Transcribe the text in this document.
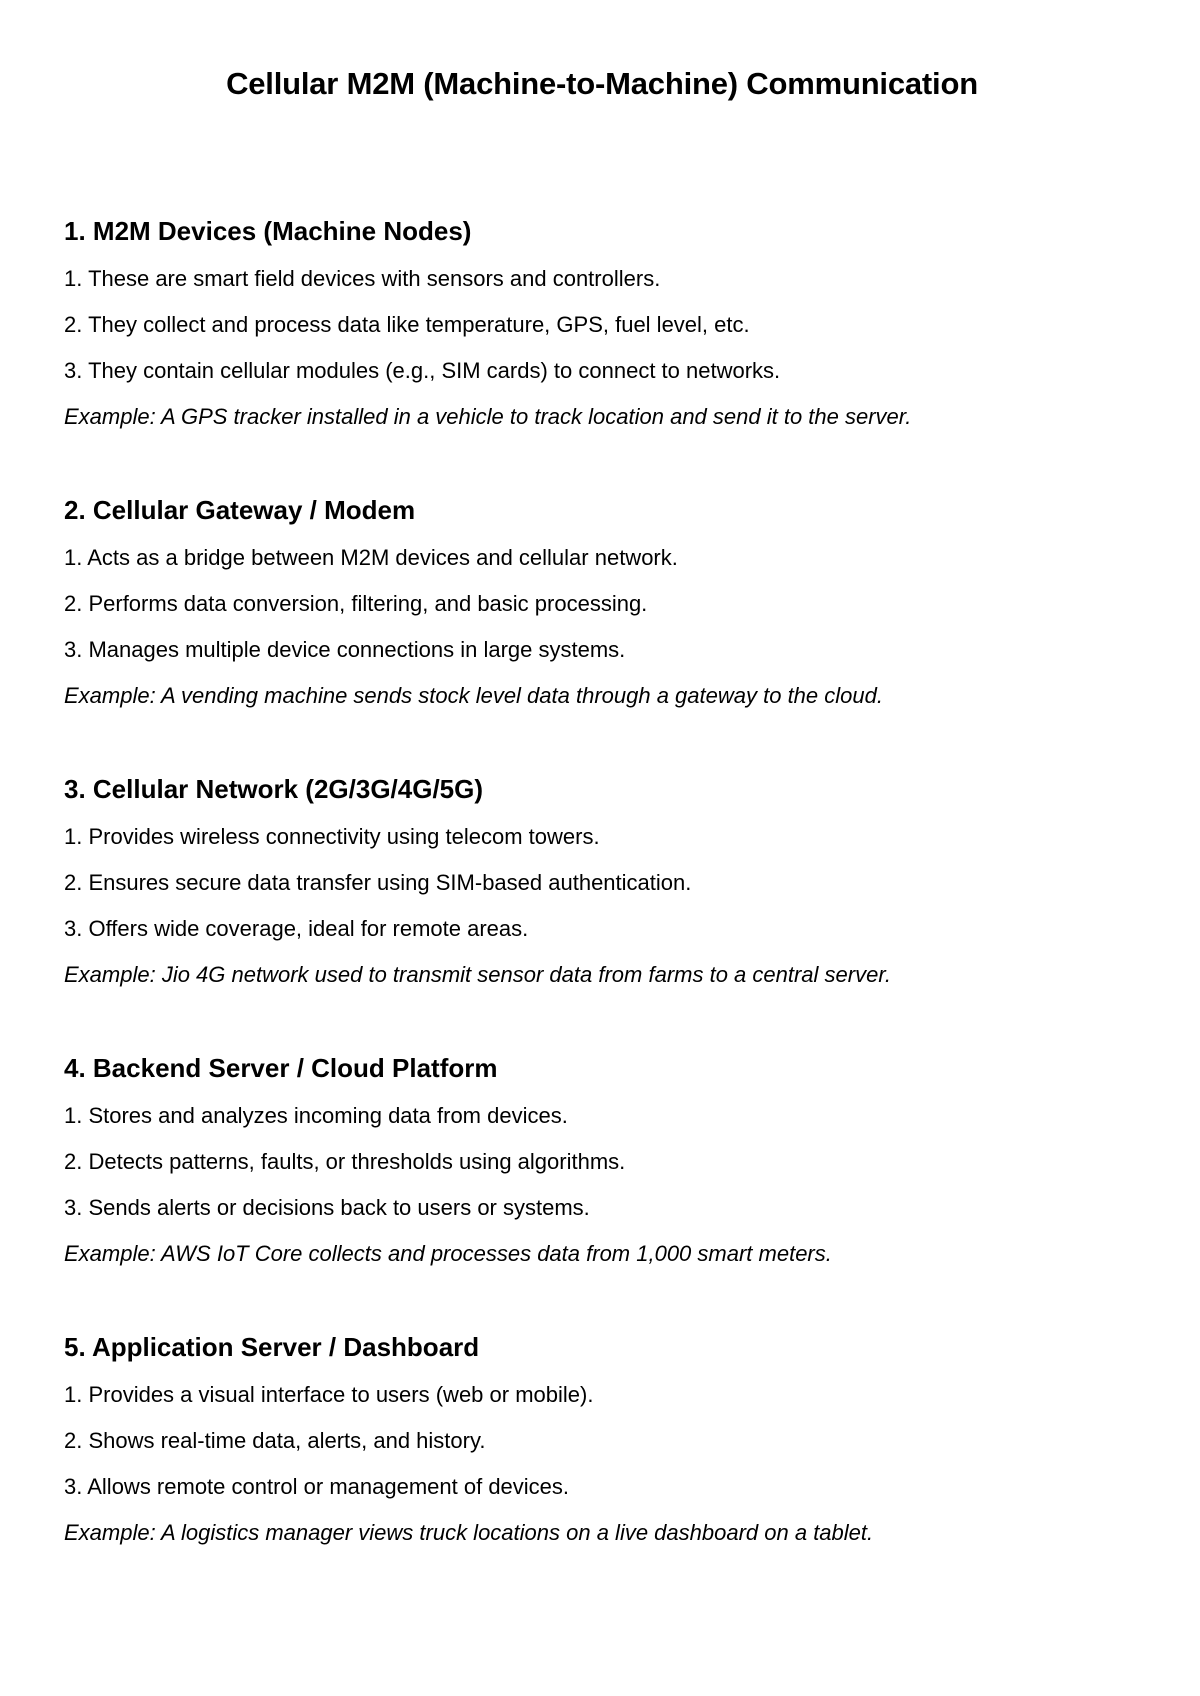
Cellular M2M (Machine-to-Machine) Communication
1. M2M Devices (Machine Nodes)

1. These are smart field devices with sensors and controllers.

2. They collect and process data like temperature, GPS, fuel level, etc.

3. They contain cellular modules (e.g., SIM cards) to connect to networks.

Example: A GPS tracker installed in a vehicle to track location and send it to the server.

2. Cellular Gateway / Modem

1. Acts as a bridge between M2M devices and cellular network.

2. Performs data conversion, filtering, and basic processing.

3. Manages multiple device connections in large systems.

Example: A vending machine sends stock level data through a gateway to the cloud.

3. Cellular Network (2G/3G/4G/5G)

1. Provides wireless connectivity using telecom towers.

2. Ensures secure data transfer using SIM-based authentication.

3. Offers wide coverage, ideal for remote areas.

Example: Jio 4G network used to transmit sensor data from farms to a central server.

4. Backend Server / Cloud Platform

1. Stores and analyzes incoming data from devices.

2. Detects patterns, faults, or thresholds using algorithms.

3. Sends alerts or decisions back to users or systems.

Example: AWS IoT Core collects and processes data from 1,000 smart meters.

5. Application Server / Dashboard

1. Provides a visual interface to users (web or mobile).

2. Shows real-time data, alerts, and history.

3. Allows remote control or management of devices.

Example: A logistics manager views truck locations on a live dashboard on a tablet.
